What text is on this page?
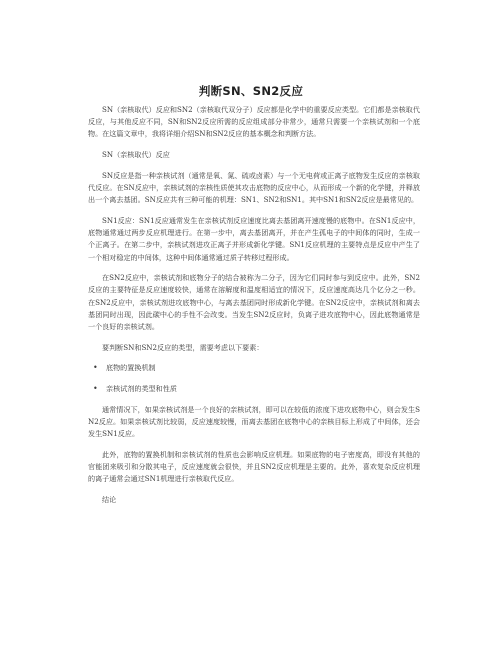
判断SN、SN2反应

SN（亲核取代）反应和SN2（亲核取代双分子）反应都是化学中的重要反应类型。它们都是亲核取代反应，与其他反应不同，SN和SN2反应所需的反应组成部分非常少，通常只需要一个亲核试剂和一个底物。在这篇文章中，我将详细介绍SN和SN2反应的基本概念和判断方法。

SN（亲核取代）反应

SN反应是指一种亲核试剂（通常是氧、氮、硫或卤素）与一个无电荷或正离子底物发生反应的亲核取代反应。在SN反应中，亲核试剂的亲核性质使其攻击底物的反应中心，从而形成一个新的化学键，并释放出一个离去基团。SN反应共有三种可能的机理：SN1、SN2和SN1。其中SN1和SN2反应是最常见的。

SN1反应：SN1反应通常发生在亲核试剂反应速度比离去基团离开速度慢的底物中。在SN1反应中，底物通常通过两步反应机理进行。在第一步中，离去基团离开，并在产生孤电子的中间体的同时，生成一个正离子。在第二步中，亲核试剂进攻正离子并形成新化学键。SN1反应机理的主要特点是反应中产生了一个相对稳定的中间体，这种中间体通常通过质子转移过程形成。

在SN2反应中，亲核试剂和底物分子的结合被称为二分子，因为它们同时参与到反应中。此外，SN2反应的主要特征是反应速度较快，通常在溶解度和温度相适宜的情况下，反应速度高达几个亿分之一秒。在SN2反应中，亲核试剂进攻底物中心，与离去基团同时形成新化学键。在SN2反应中，亲核试剂和离去基团同时出现，因此碳中心的手性不会改变。当发生SN2反应时，负离子进攻底物中心，因此底物通常是一个良好的亲核试剂。

要判断SN和SN2反应的类型，需要考虑以下要素：

• 底物的置换机制
• 亲核试剂的类型和性质

通常情况下，如果亲核试剂是一个良好的亲核试剂，即可以在较低的浓度下进攻底物中心，则会发生SN2反应。如果亲核试剂比较弱，反应速度较慢，而离去基团在底物中心的亲核目标上形成了中间体，还会发生SN1反应。

此外，底物的置换机制和亲核试剂的性质也会影响反应机理。如果底物的电子密度高，即没有其他的官能团来吸引和分散其电子，反应速度就会很快，并且SN2反应机理是主要的。此外，喜欢复杂反应机理的离子通常会通过SN1机理进行亲核取代反应。

结论
